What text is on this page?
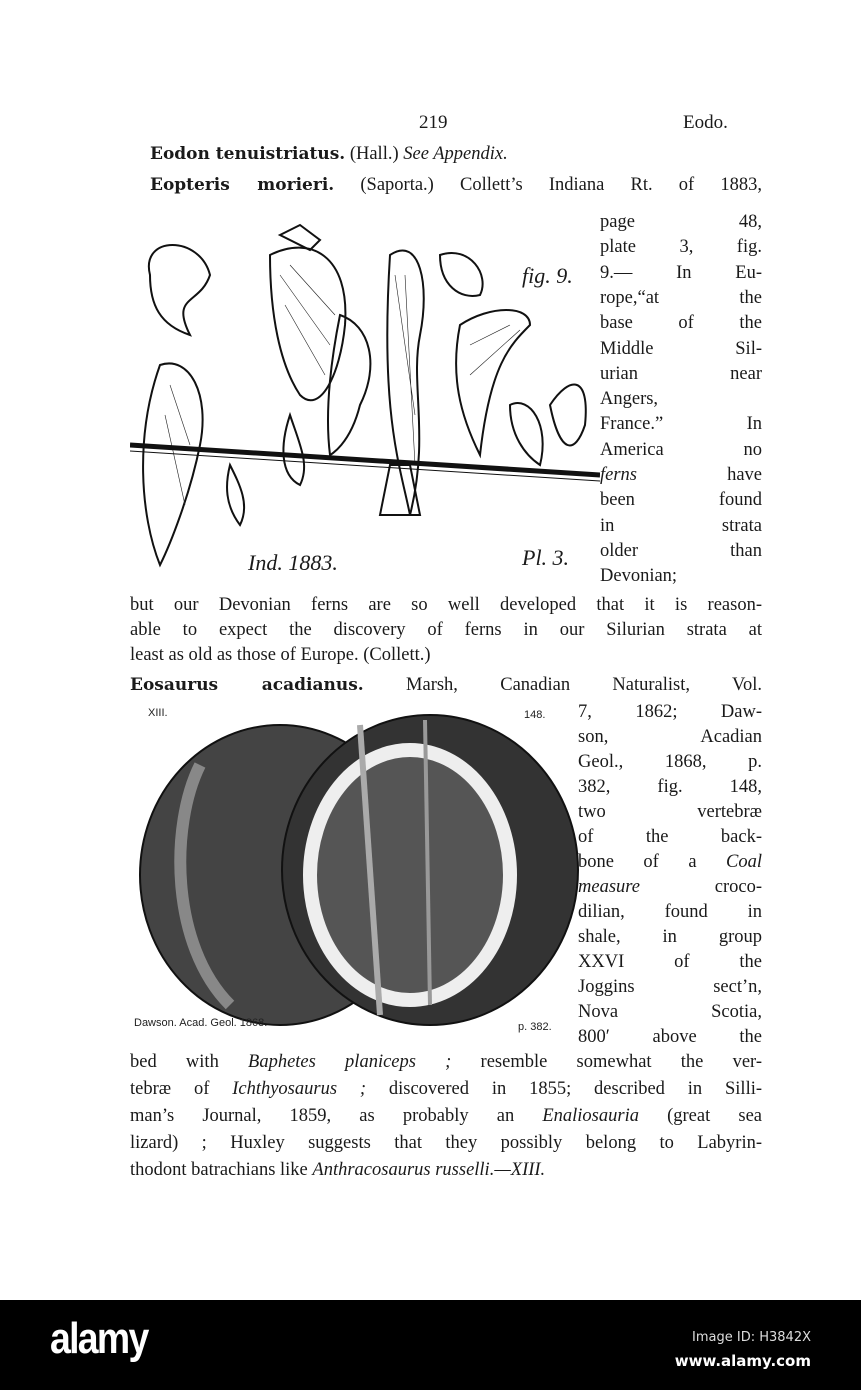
219	Eodo.
Eodon tenuistriatus. (Hall.) See Appendix.
Eopteris morieri. (Saporta.) Collett’s Indiana Rt. of 1883,
fig. 9.
Ind. 1883.	Pl. 3.
page 48,
plate 3, fig.
9.— In Eu-
rope,“at the
base of the
Middle Sil-
urian near
Angers,
France.” In
America no
ferns have
been found
in strata
older than
Devonian;
but our Devonian ferns are so well developed that it is reason-
able to expect the discovery of ferns in our Silurian strata at
least as old as those of Europe. (Collett.)
Eosaurus acadianus. Marsh, Canadian Naturalist, Vol.
XIII.	148.
Dawson. Acad. Geol. 1868.	p. 382.
7, 1862; Daw-
son, Acadian
Geol., 1868, p.
382, fig. 148,
two vertebræ
of the back-
bone of a Coal
measure croco-
dilian, found in
shale, in group
XXVI of the
Joggins sect’n,
Nova Scotia,
800′ above the
bed with Baphetes planiceps ; resemble somewhat the ver-
tebræ of Ichthyosaurus ; discovered in 1855; described in Silli-
man’s Journal, 1859, as probably an Enaliosauria (great sea
lizard) ; Huxley suggests that they possibly belong to Labyrin-
thodont batrachians like Anthracosaurus russelli.—XIII.
alamy	Image ID: H3842X
www.alamy.com
